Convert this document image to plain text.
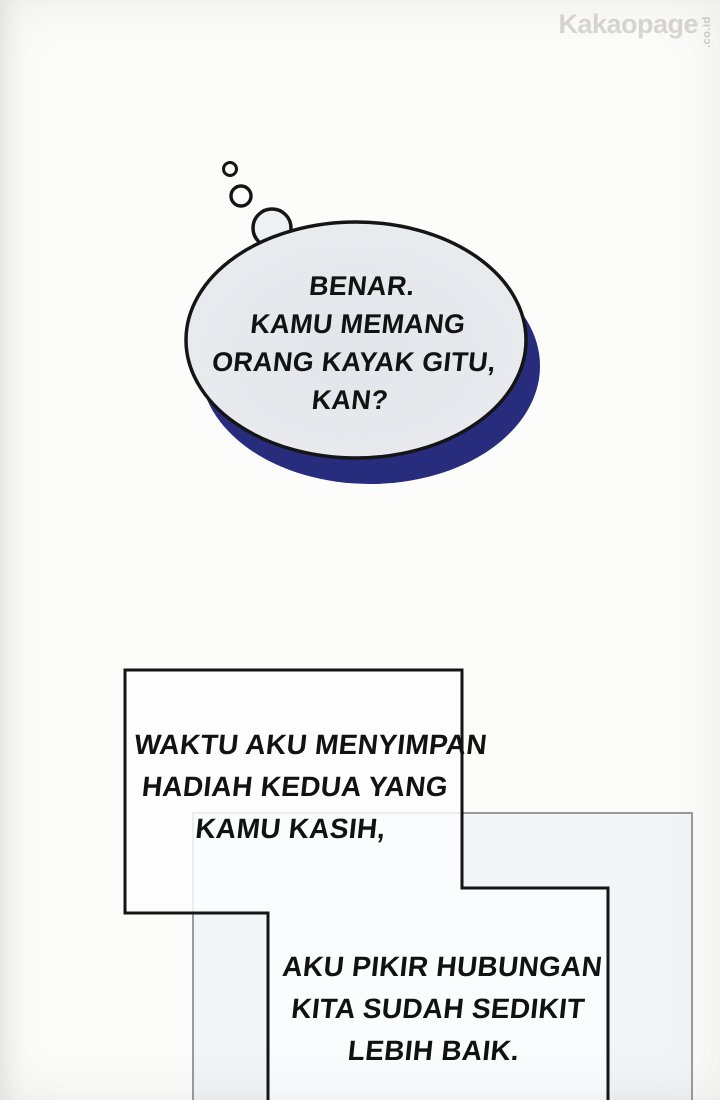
Kakaopage .co.id
BENAR.
KAMU MEMANG
ORANG KAYAK GITU,
KAN?
WAKTU AKU MENYIMPAN
HADIAH KEDUA YANG
KAMU KASIH,
AKU PIKIR HUBUNGAN
KITA SUDAH SEDIKIT
LEBIH BAIK.
